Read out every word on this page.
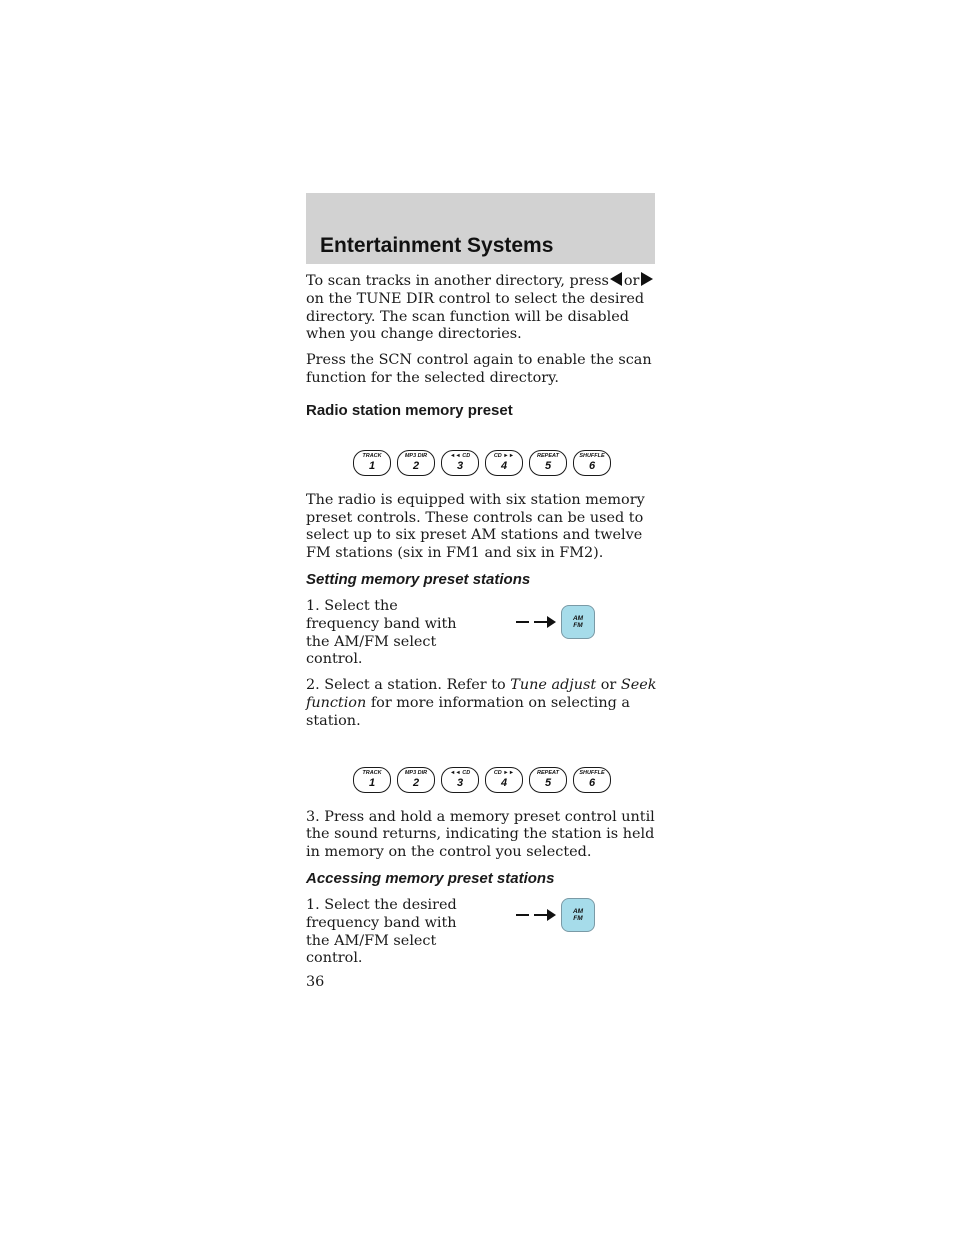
Entertainment Systems

To scan tracks in another directory, press or on the TUNE DIR control to select the desired directory. The scan function will be disabled when you change directories.

Press the SCN control again to enable the scan function for the selected directory.

Radio station memory preset

TRACK
1
MP3 DIR
2
◄◄ CD
3
CD ►►
4
REPEAT
5
SHUFFLE
6

The radio is equipped with six station memory preset controls. These controls can be used to select up to six preset AM stations and twelve FM stations (six in FM1 and six in FM2).

Setting memory preset stations

1. Select the frequency band with the AM/FM select control.

AM
FM

2. Select a station. Refer to Tune adjust or Seek function for more information on selecting a station.

TRACK
1
MP3 DIR
2
◄◄ CD
3
CD ►►
4
REPEAT
5
SHUFFLE
6

3. Press and hold a memory preset control until the sound returns, indicating the station is held in memory on the control you selected.

Accessing memory preset stations

1. Select the desired frequency band with the AM/FM select control.

AM
FM
36
